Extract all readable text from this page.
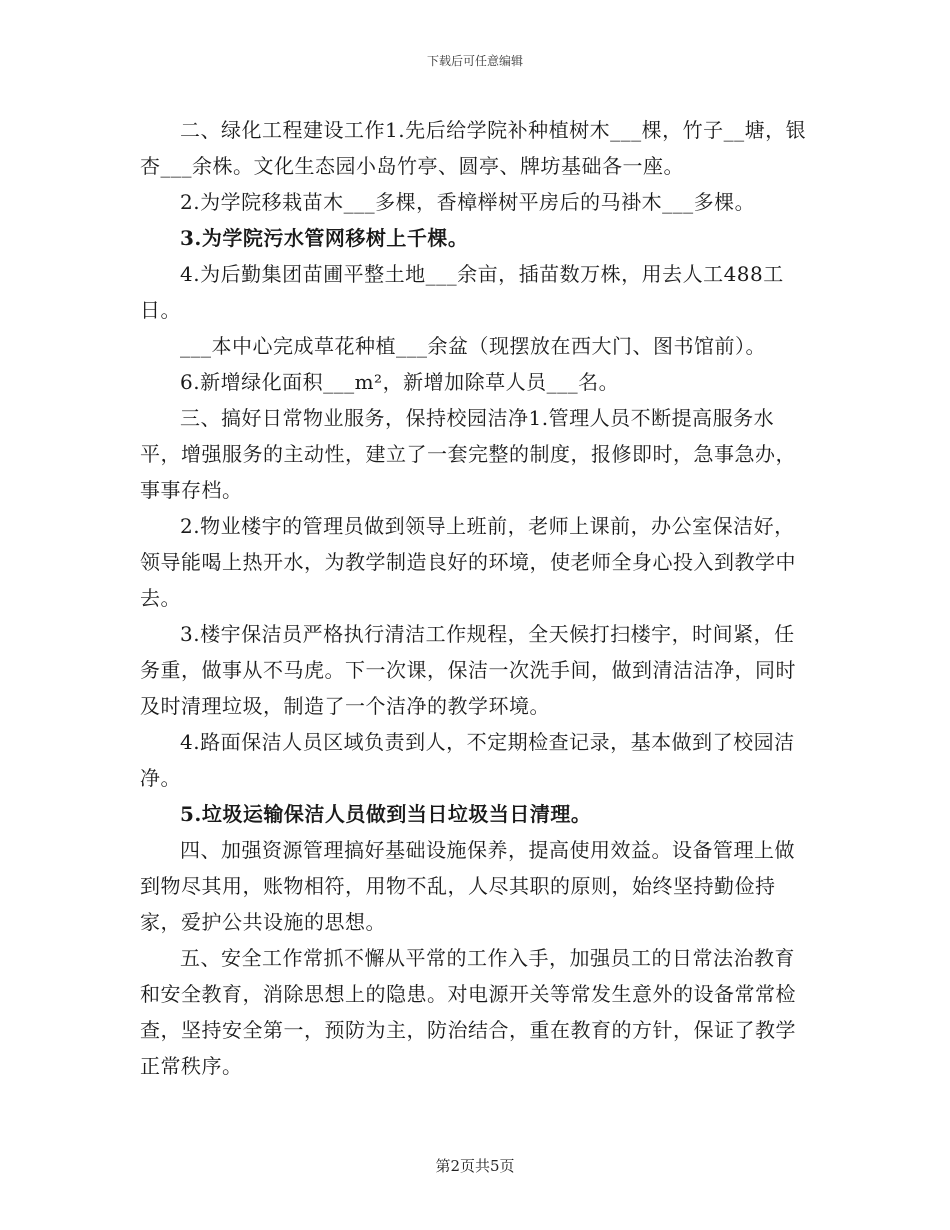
下载后可任意编辑

二、绿化工程建设工作1.先后给学院补种植树木___棵，竹子__塘，银杏___余株。文化生态园小岛竹亭、圆亭、牌坊基础各一座。

2.为学院移栽苗木___多棵，香樟榉树平房后的马褂木___多棵。

3.为学院污水管网移树上千棵。

4.为后勤集团苗圃平整土地___余亩，插苗数万株，用去人工488工日。

___本中心完成草花种植___余盆（现摆放在西大门、图书馆前）。

6.新增绿化面积___m²，新增加除草人员___名。

三、搞好日常物业服务，保持校园洁净1.管理人员不断提高服务水平，增强服务的主动性，建立了一套完整的制度，报修即时，急事急办，事事存档。

2.物业楼宇的管理员做到领导上班前，老师上课前，办公室保洁好，领导能喝上热开水，为教学制造良好的环境，使老师全身心投入到教学中去。

3.楼宇保洁员严格执行清洁工作规程，全天候打扫楼宇，时间紧，任务重，做事从不马虎。下一次课，保洁一次洗手间，做到清洁洁净，同时及时清理垃圾，制造了一个洁净的教学环境。

4.路面保洁人员区域负责到人，不定期检查记录，基本做到了校园洁净。

5.垃圾运输保洁人员做到当日垃圾当日清理。

四、加强资源管理搞好基础设施保养，提高使用效益。设备管理上做到物尽其用，账物相符，用物不乱，人尽其职的原则，始终坚持勤俭持家，爱护公共设施的思想。

五、安全工作常抓不懈从平常的工作入手，加强员工的日常法治教育和安全教育，消除思想上的隐患。对电源开关等常发生意外的设备常常检查，坚持安全第一，预防为主，防治结合，重在教育的方针，保证了教学正常秩序。

第2页共5页
